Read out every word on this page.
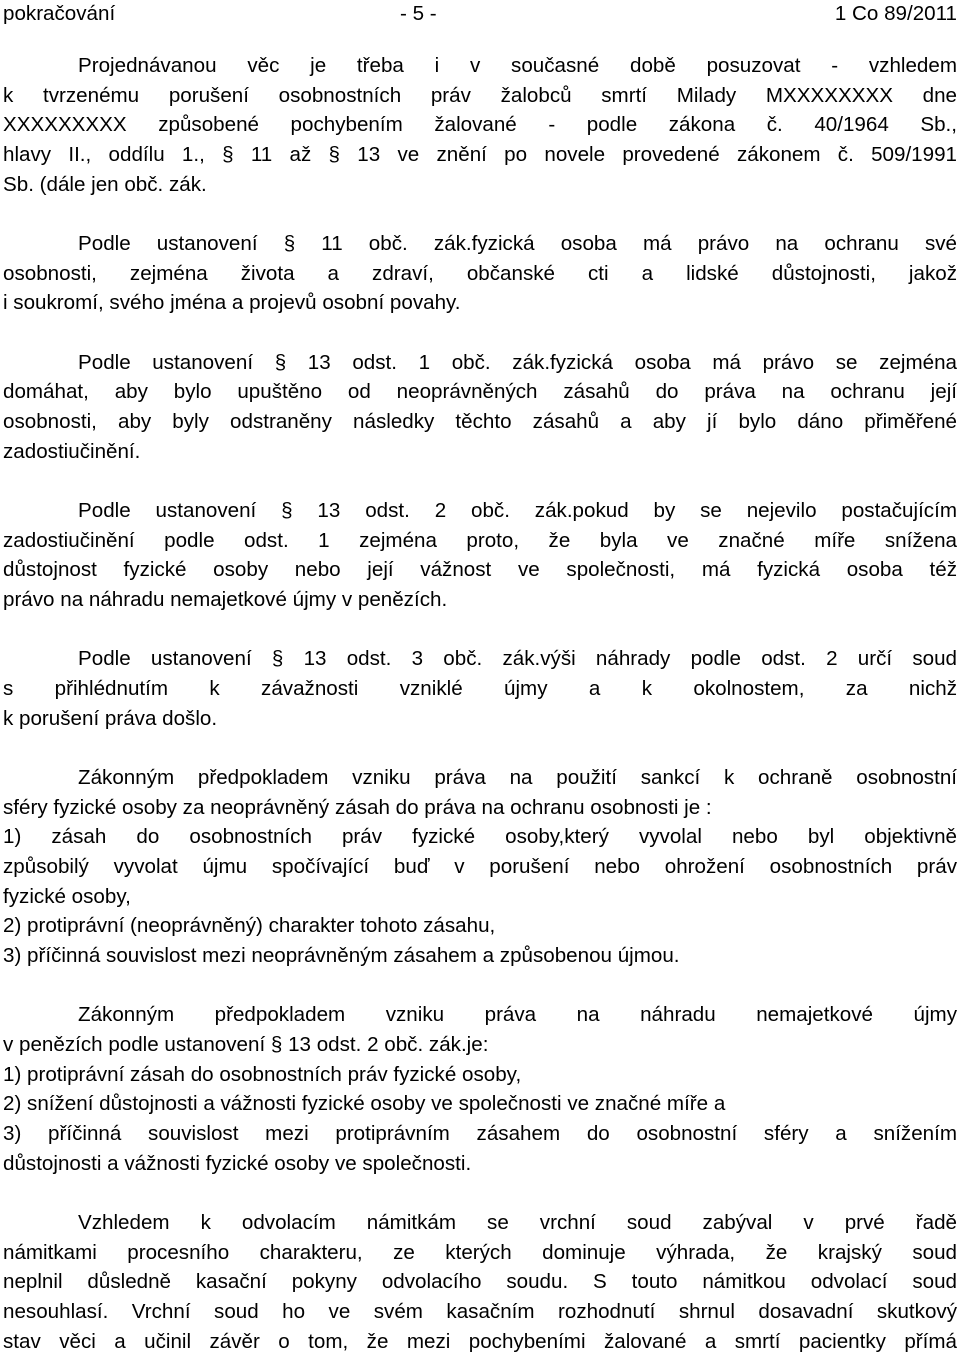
pokračování	- 5 -	1 Co 89/2011
Projednávanou věc je třeba i v současné době posuzovat - vzhledem
k tvrzenému porušení osobnostních práv žalobců smrtí Milady MXXXXXXXX dne
XXXXXXXXX způsobené pochybením žalované - podle zákona č. 40/1964 Sb.,
hlavy II., oddílu 1., § 11 až § 13 ve znění po novele provedené zákonem č. 509/1991
Sb. (dále jen obč. zák.
Podle ustanovení § 11 obč. zák.fyzická osoba má právo na ochranu své
osobnosti, zejména života a zdraví, občanské cti a lidské důstojnosti, jakož
i soukromí, svého jména a projevů osobní povahy.
Podle ustanovení § 13 odst. 1 obč. zák.fyzická osoba má právo se zejména
domáhat, aby bylo upuštěno od neoprávněných zásahů do práva na ochranu její
osobnosti, aby byly odstraněny následky těchto zásahů a aby jí bylo dáno přiměřené
zadostiučinění.
Podle ustanovení § 13 odst. 2 obč. zák.pokud by se nejevilo postačujícím
zadostiučinění podle odst. 1 zejména proto, že byla ve značné míře snížena
důstojnost fyzické osoby nebo její vážnost ve společnosti, má fyzická osoba též
právo na náhradu nemajetkové újmy v penězích.
Podle ustanovení § 13 odst. 3 obč. zák.výši náhrady podle odst. 2 určí soud
s přihlédnutím k závažnosti vzniklé újmy a k okolnostem, za nichž
k porušení práva došlo.
Zákonným předpokladem vzniku práva na použití sankcí k ochraně osobnostní
sféry fyzické osoby za neoprávněný zásah do práva na ochranu osobnosti je :
1) zásah do osobnostních práv fyzické osoby,který vyvolal nebo byl objektivně
způsobilý vyvolat újmu spočívající buď v porušení nebo ohrožení osobnostních práv
fyzické osoby,
2) protiprávní (neoprávněný) charakter tohoto zásahu,
3) příčinná souvislost mezi neoprávněným zásahem a způsobenou újmou.
Zákonným předpokladem vzniku práva na náhradu nemajetkové újmy
v penězích podle ustanovení § 13 odst. 2 obč. zák.je:
1) protiprávní zásah do osobnostních práv fyzické osoby,
2) snížení důstojnosti a vážnosti fyzické osoby ve společnosti ve značné míře a
3) příčinná souvislost mezi protiprávním zásahem do osobnostní sféry a snížením
důstojnosti a vážnosti fyzické osoby ve společnosti.
Vzhledem k odvolacím námitkám se vrchní soud zabýval v prvé řadě
námitkami procesního charakteru, ze kterých dominuje výhrada, že krajský soud
neplnil důsledně kasační pokyny odvolacího soudu. S touto námitkou odvolací soud
nesouhlasí. Vrchní soud ho ve svém kasačním rozhodnutí shrnul dosavadní skutkový
stav věci a učinil závěr o tom, že mezi pochybeními žalované a smrtí pacientky přímá
